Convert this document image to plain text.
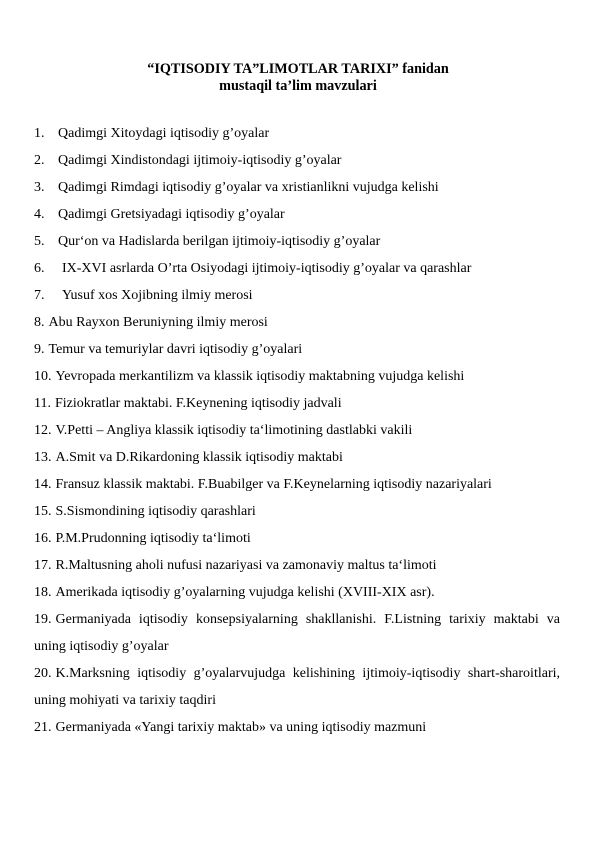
“IQTISODIY TA”LIMOTLAR TARIXI” fanidan
mustaqil ta’lim mavzulari
1. Qadimgi Xitoydagi iqtisodiy g’oyalar
2. Qadimgi Xindistondagi ijtimoiy-iqtisodiy g’oyalar
3. Qadimgi Rimdagi iqtisodiy g’oyalar va xristianlikni vujudga kelishi
4. Qadimgi Gretsiyadagi iqtisodiy g’oyalar
5. Qur‘on va Hadislarda berilgan ijtimoiy-iqtisodiy g’oyalar
6. IX-XVI asrlarda O’rta Osiyodagi ijtimoiy-iqtisodiy g’oyalar va qarashlar
7. Yusuf xos Xojibning ilmiy merosi
8. Abu Rayxon Beruniyning ilmiy merosi
9. Temur va temuriylar davri iqtisodiy g’oyalari
10. Yevropada merkantilizm va klassik iqtisodiy maktabning vujudga kelishi
11. Fiziokratlar maktabi. F.Keynening iqtisodiy jadvali
12. V.Petti – Angliya klassik iqtisodiy ta‘limotining dastlabki vakili
13. A.Smit va D.Rikardoning klassik iqtisodiy maktabi
14. Fransuz klassik maktabi. F.Buabilger va F.Keynelarning iqtisodiy nazariyalari
15. S.Sismondining iqtisodiy qarashlari
16. P.M.Prudonning iqtisodiy ta‘limoti
17. R.Maltusning aholi nufusi nazariyasi va zamonaviy maltus ta‘limoti
18. Amerikada iqtisodiy g’oyalarning vujudga kelishi (XVIII-XIX asr).
19. Germaniyada iqtisodiy konsepsiyalarning shakllanishi. F.Listning tarixiy maktabi va uning iqtisodiy g’oyalar
20. K.Marksning iqtisodiy g’oyalarvujudga kelishining ijtimoiy-iqtisodiy shart-sharoitlari, uning mohiyati va tarixiy taqdiri
21. Germaniyada «Yangi tarixiy maktab» va uning iqtisodiy mazmuni
